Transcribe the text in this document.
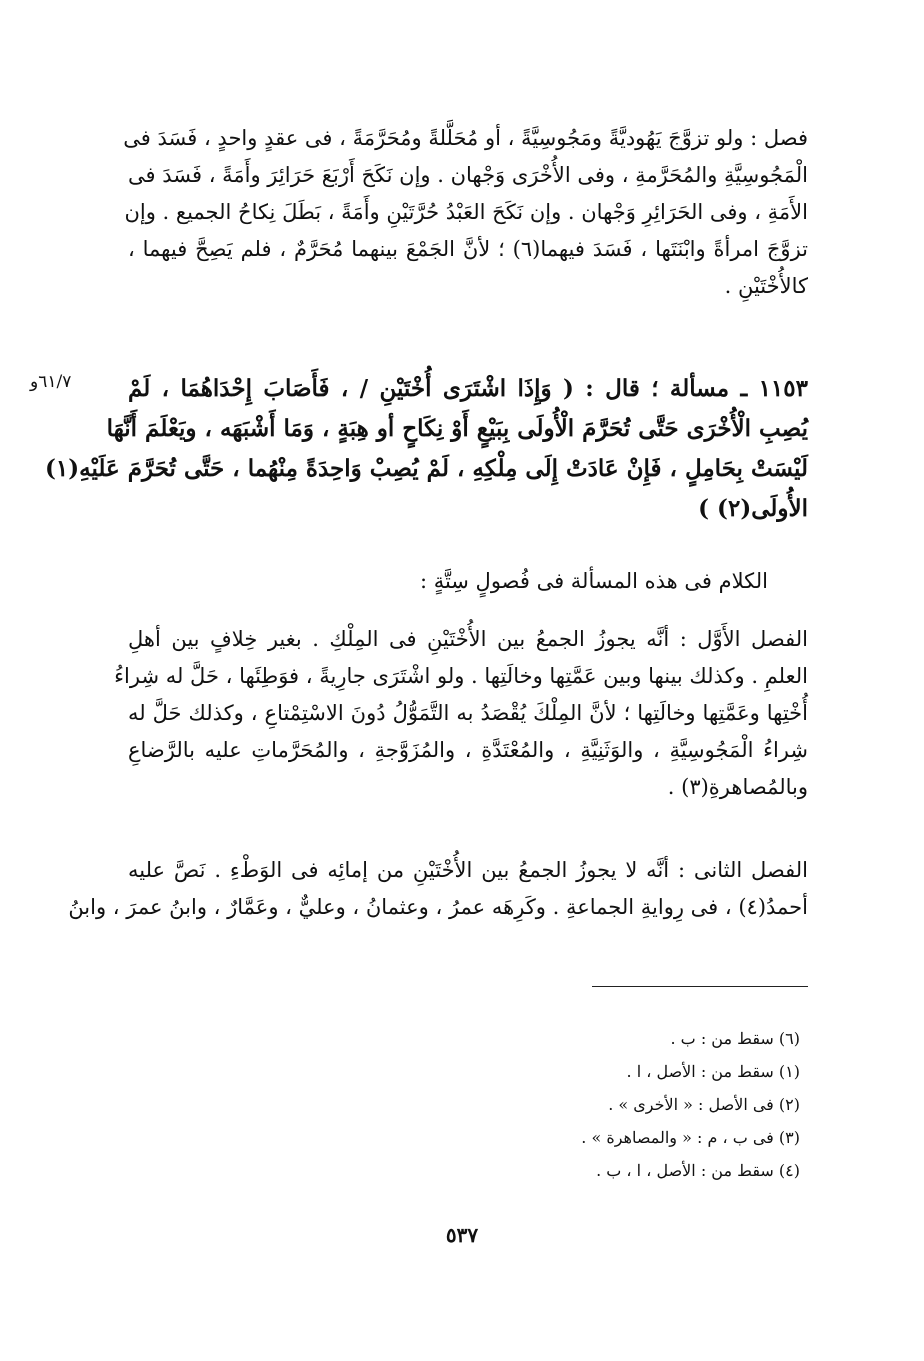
فصل : ولو تزوَّجَ يَهُوديَّةً ومَجُوسِيَّةً ، أو مُحَلَّلةً ومُحَرَّمَةً ، فى عقدٍ واحدٍ ، فَسَدَ فى
الْمَجُوسِيَّةِ والمُحَرَّمةِ ، وفى الأُخْرَى وَجْهان . وإن نَكَحَ أَرْبَعَ حَرَائِرَ وأَمَةً ، فَسَدَ فى
الأَمَةِ ، وفى الحَرَائِرِ وَجْهان . وإن نَكَحَ العَبْدُ حُرَّتَيْنِ وأَمَةً ، بَطَلَ نِكاحُ الجميع . وإن
تزوَّجَ امرأةً وابْنَتَها ، فَسَدَ فيهما(٦) ؛ لأنَّ الجَمْعَ بينهما مُحَرَّمٌ ، فلم يَصِحَّ فيهما ،
كالأُخْتَيْنِ .
٦١/٧و ١١٥٣ ـ مسألة ؛ قال : ( وَإِذَا اشْتَرَى أُخْتَيْنِ / ، فَأَصَابَ إِحْدَاهُمَا ، لَمْ
يُصِبِ الْأُخْرَى حَتَّى تُحَرَّمَ الْأُولَى بِبَيْعٍ أَوْ نِكَاحٍ أو هِبَةٍ ، وَمَا أَشْبَهَه ، ويَعْلَمَ أَنَّهَا
لَيْسَتْ بِحَامِلٍ ، فَإِنْ عَادَتْ إِلَى مِلْكِهِ ، لَمْ يُصِبْ وَاحِدَةً مِنْهُما ، حَتَّى تُحَرَّمَ عَلَيْهِ(١)
الأُولَى(٢) )
الكلام فى هذه المسألة فى فُصولٍ سِتَّةٍ :
الفصل الأَوَّل : أنَّه يجوزُ الجمعُ بين الأُخْتَيْنِ فى المِلْكِ . بغير خِلافٍ بين أهلِ
العلمِ . وكذلك بينها وبين عَمَّتِها وخالَتِها . ولو اشْتَرَى جارِيةً ، فوَطِئَها ، حَلَّ له شِراءُ
أُخْتِها وعَمَّتِها وخالَتِها ؛ لأنَّ المِلْكَ يُقْصَدُ به التَّمَوُّلُ دُونَ الاسْتِمْتاعِ ، وكذلك حَلَّ له
شِراءُ الْمَجُوسِيَّةِ ، والوَثَنِيَّةِ ، والمُعْتَدَّةِ ، والمُزَوَّجةِ ، والمُحَرَّماتِ عليه بالرَّضاعِ
وبالمُصاهرةِ(٣) .
الفصل الثانى : أنَّه لا يجوزُ الجمعُ بين الأُخْتَيْنِ من إمائِه فى الوَطْءِ . نَصَّ عليه
أحمدُ(٤) ، فى رِوايةِ الجماعةِ . وكَرِهَه عمرُ ، وعثمانُ ، وعليٌّ ، وعَمَّارٌ ، وابنُ عمرَ ، وابنُ
(٦) سقط من : ب .
(١) سقط من : الأصل ، ا .
(٢) فى الأصل : « الأخرى » .
(٣) فى ب ، م : « والمصاهرة » .
(٤) سقط من : الأصل ، ا ، ب .
٥٣٧
